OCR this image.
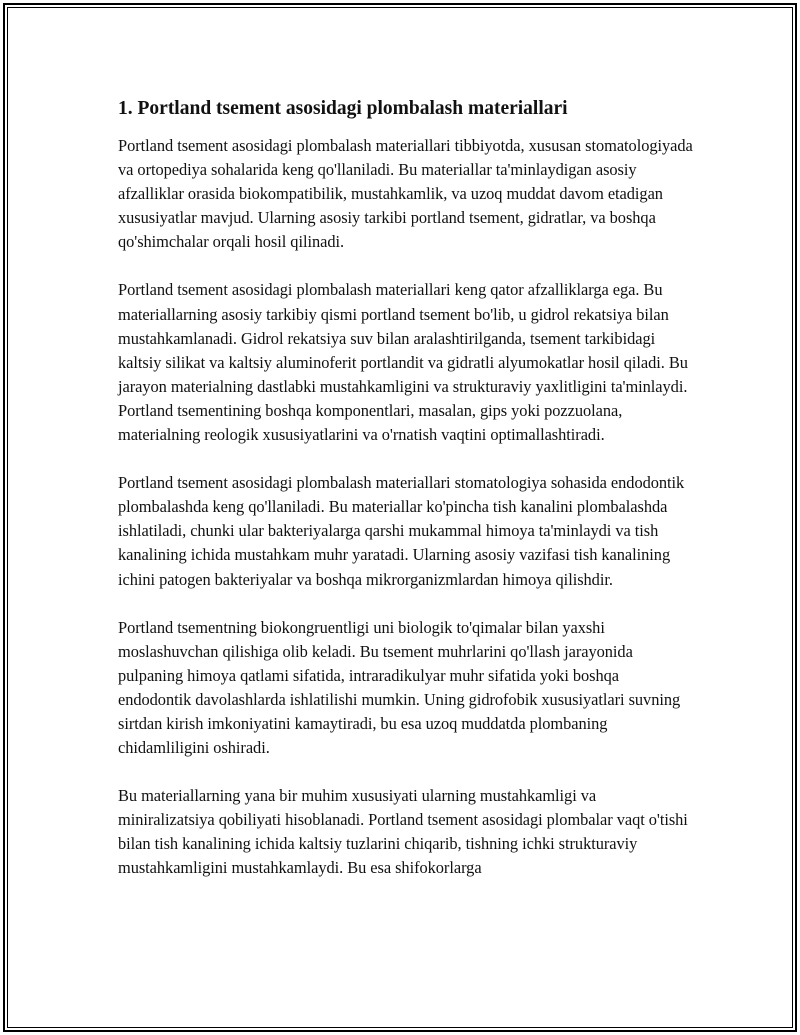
1. Portland tsement asosidagi plombalash materiallari

Portland tsement asosidagi plombalash materiallari tibbiyotda, xususan stomatologiyada va ortopediya sohalarida keng qo'llaniladi. Bu materiallar ta'minlaydigan asosiy afzalliklar orasida biokompatibilik, mustahkamlik, va uzoq muddat davom etadigan xususiyatlar mavjud. Ularning asosiy tarkibi portland tsement, gidratlar, va boshqa qo'shimchalar orqali hosil qilinadi.

Portland tsement asosidagi plombalash materiallari keng qator afzalliklarga ega. Bu materiallarning asosiy tarkibiy qismi portland tsement bo'lib, u gidrol rekatsiya bilan mustahkamlanadi. Gidrol rekatsiya suv bilan aralashtirilganda, tsement tarkibidagi kaltsiy silikat va kaltsiy aluminoferit portlandit va gidratli alyumokatlar hosil qiladi. Bu jarayon materialning dastlabki mustahkamligini va strukturaviy yaxlitligini ta'minlaydi. Portland tsementining boshqa komponentlari, masalan, gips yoki pozzuolana, materialning reologik xususiyatlarini va o'rnatish vaqtini optimallashtiradi.

Portland tsement asosidagi plombalash materiallari stomatologiya sohasida endodontik plombalashda keng qo'llaniladi. Bu materiallar ko'pincha tish kanalini plombalashda ishlatiladi, chunki ular bakteriyalarga qarshi mukammal himoya ta'minlaydi va tish kanalining ichida mustahkam muhr yaratadi. Ularning asosiy vazifasi tish kanalining ichini patogen bakteriyalar va boshqa mikrorganizmlardan himoya qilishdir.

Portland tsementning biokongruentligi uni biologik to'qimalar bilan yaxshi moslashuvchan qilishiga olib keladi. Bu tsement muhrlarini qo'llash jarayonida pulpaning himoya qatlami sifatida, intraradikulyar muhr sifatida yoki boshqa endodontik davolashlarda ishlatilishi mumkin. Uning gidrofobik xususiyatlari suvning sirtdan kirish imkoniyatini kamaytiradi, bu esa uzoq muddatda plombaning chidamliligini oshiradi.

Bu materiallarning yana bir muhim xususiyati ularning mustahkamligi va miniralizatsiya qobiliyati hisoblanadi. Portland tsement asosidagi plombalar vaqt o'tishi bilan tish kanalining ichida kaltsiy tuzlarini chiqarib, tishning ichki strukturaviy mustahkamligini mustahkamlaydi. Bu esa shifokorlarga
